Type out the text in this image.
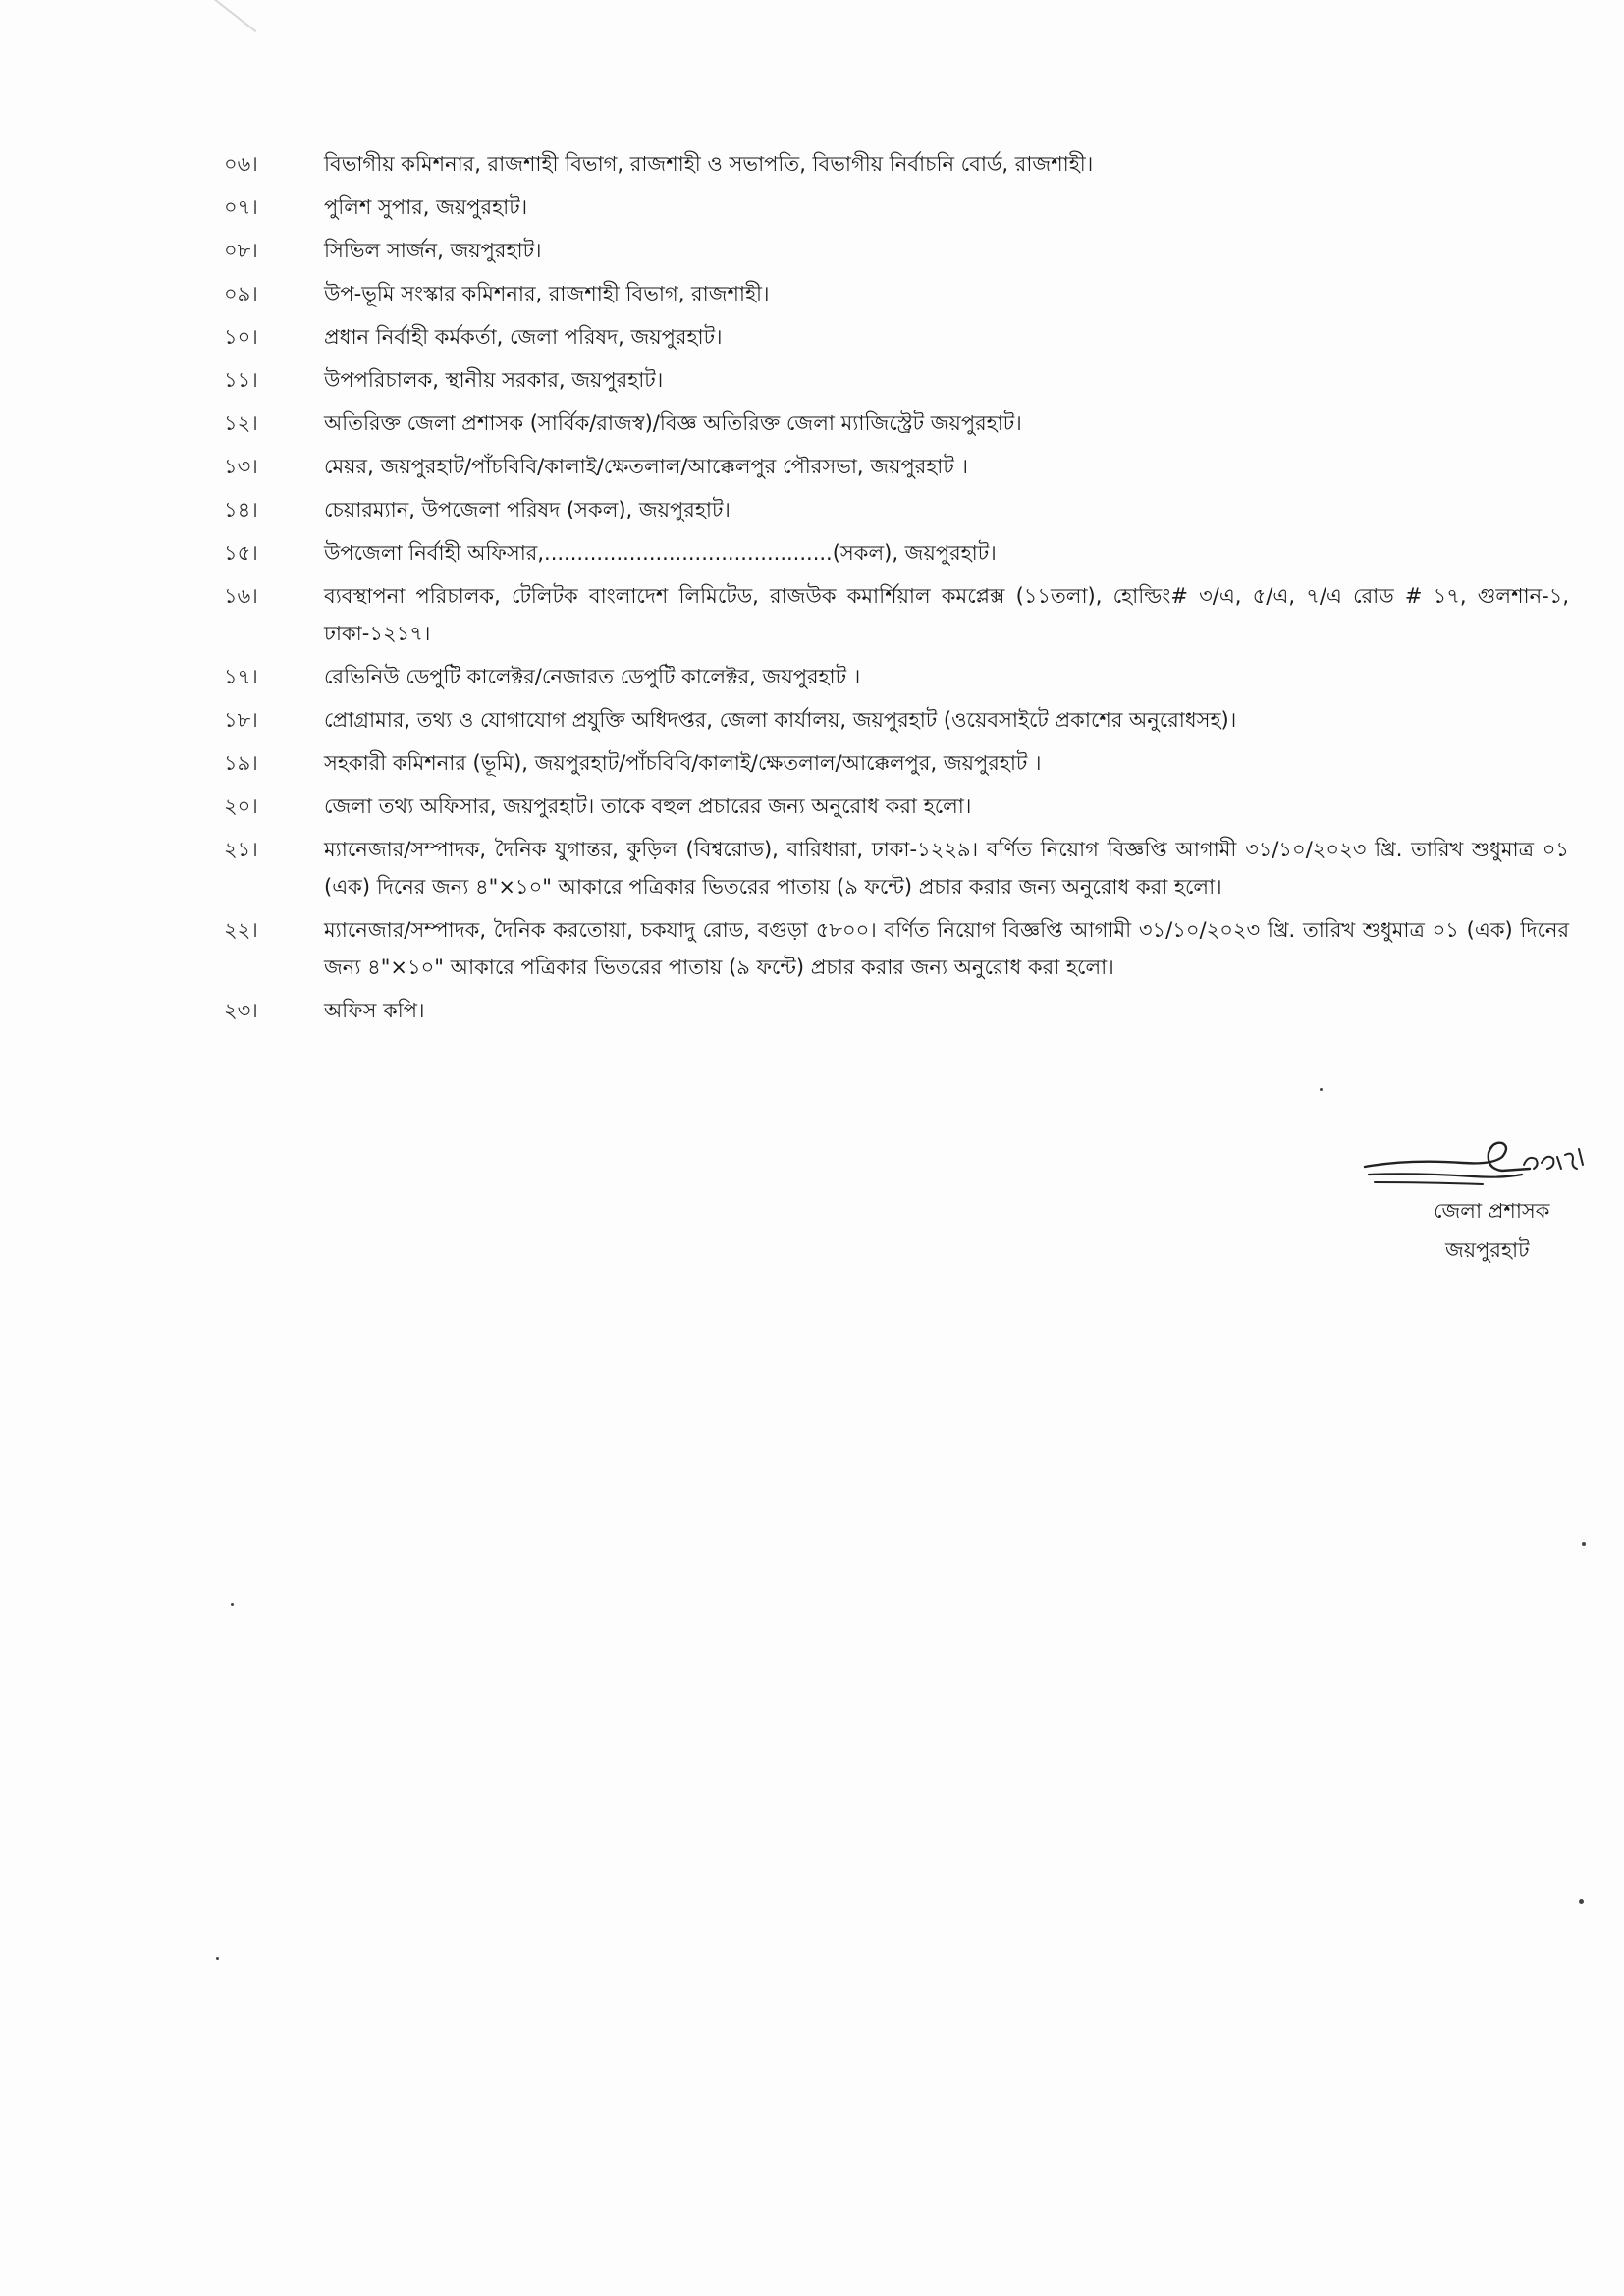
০৬।	বিভাগীয় কমিশনার, রাজশাহী বিভাগ, রাজশাহী ও সভাপতি, বিভাগীয় নির্বাচনি বোর্ড, রাজশাহী।
০৭।	পুলিশ সুপার, জয়পুরহাট।
০৮।	সিভিল সার্জন, জয়পুরহাট।
০৯।	উপ-ভূমি সংস্কার কমিশনার, রাজশাহী বিভাগ, রাজশাহী।
১০।	প্রধান নির্বাহী কর্মকর্তা, জেলা পরিষদ, জয়পুরহাট।
১১।	উপপরিচালক, স্থানীয় সরকার, জয়পুরহাট।
১২।	অতিরিক্ত জেলা প্রশাসক (সার্বিক/রাজস্ব)/বিজ্ঞ অতিরিক্ত জেলা ম্যাজিস্ট্রেট জয়পুরহাট।
১৩।	মেয়র, জয়পুরহাট/পাঁচবিবি/কালাই/ক্ষেতলাল/আক্কেলপুর পৌরসভা, জয়পুরহাট ।
১৪।	চেয়ারম্যান, উপজেলা পরিষদ (সকল), জয়পুরহাট।
১৫।	উপজেলা নির্বাহী অফিসার,............................................(সকল), জয়পুরহাট।
১৬।	ব্যবস্থাপনা পরিচালক, টেলিটক বাংলাদেশ লিমিটেড, রাজউক কমার্শিয়াল কমপ্লেক্স (১১তলা), হোল্ডিং# ৩/এ, ৫/এ, ৭/এ রোড # ১৭, গুলশান-১, ঢাকা-১২১৭।
১৭।	রেভিনিউ ডেপুটি কালেক্টর/নেজারত ডেপুটি কালেক্টর, জয়পুরহাট ।
১৮।	প্রোগ্রামার, তথ্য ও যোগাযোগ প্রযুক্তি অধিদপ্তর, জেলা কার্যালয়, জয়পুরহাট (ওয়েবসাইটে প্রকাশের অনুরোধসহ)।
১৯।	সহকারী কমিশনার (ভূমি), জয়পুরহাট/পাঁচবিবি/কালাই/ক্ষেতলাল/আক্কেলপুর, জয়পুরহাট ।
২০।	জেলা তথ্য অফিসার, জয়পুরহাট। তাকে বহুল প্রচারের জন্য অনুরোধ করা হলো।
২১।	ম্যানেজার/সম্পাদক, দৈনিক যুগান্তর, কুড়িল (বিশ্বরোড), বারিধারা, ঢাকা-১২২৯। বর্ণিত নিয়োগ বিজ্ঞপ্তি আগামী ৩১/১০/২০২৩ খ্রি. তারিখ শুধুমাত্র ০১ (এক) দিনের জন্য ৪"×১০" আকারে পত্রিকার ভিতরের পাতায় (৯ ফন্টে) প্রচার করার জন্য অনুরোধ করা হলো।
২২।	ম্যানেজার/সম্পাদক, দৈনিক করতোয়া, চকযাদু রোড, বগুড়া ৫৮০০। বর্ণিত নিয়োগ বিজ্ঞপ্তি আগামী ৩১/১০/২০২৩ খ্রি. তারিখ শুধুমাত্র ০১ (এক) দিনের জন্য ৪"×১০" আকারে পত্রিকার ভিতরের পাতায় (৯ ফন্টে) প্রচার করার জন্য অনুরোধ করা হলো।
২৩।	অফিস কপি।
জেলা প্রশাসক
জয়পুরহাট
